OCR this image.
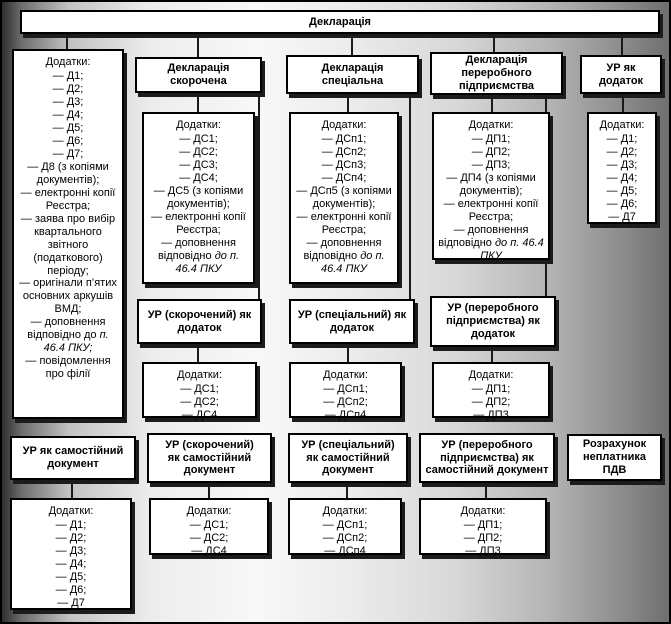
Декларація
Додатки:
— Д1;
— Д2;
— Д3;
— Д4;
— Д5;
— Д6;
— Д7;
— Д8 (з копіями документів);
— електронні копії Реєстра;
— заява про вибір квартального звітного (податкового) періоду;
— оригінали п’ятих основних аркушів ВМД;
— доповнення відповідно до п. 46.4 ПКУ;
— повідомлення про філії
Декларація скорочена
Декларація спеціальна
Декларація переробного підприємства
УР як додаток
Додатки:
— ДС1;
— ДС2;
— ДС3;
— ДС4;
— ДС5 (з копіями документів);
— електронні копії Реєстра;
— доповнення відповідно до п. 46.4 ПКУ
Додатки:
— ДСп1;
— ДСп2;
— ДСп3;
— ДСп4;
— ДСп5 (з копіями документів);
— електронні копії Реєстра;
— доповнення відповідно до п. 46.4 ПКУ
Додатки:
— ДП1;
— ДП2;
— ДП3;
— ДП4 (з копіями документів);
— електронні копії Реєстра;
— доповнення відповідно до п. 46.4 ПКУ
Додатки:
— Д1;
— Д2;
— Д3;
— Д4;
— Д5;
— Д6;
— Д7
УР (скорочений) як додаток
УР (спеціальний) як додаток
УР (переробного підприємства) як додаток
Додатки:
— ДС1;
— ДС2;
— ДС4
Додатки:
— ДСп1;
— ДСп2;
— ДСп4
Додатки:
— ДП1;
— ДП2;
— ДП3
УР як самостійний документ
УР (скорочений) як самостійний документ
УР (спеціальний) як самостійний документ
УР (переробного підприємства) як самостійний документ
Розрахунок неплатника ПДВ
Додатки:
— Д1;
— Д2;
— Д3;
— Д4;
— Д5;
— Д6;
— Д7
Додатки:
— ДС1;
— ДС2;
— ДС4
Додатки:
— ДСп1;
— ДСп2;
— ДСп4
Додатки:
— ДП1;
— ДП2;
— ДП3
